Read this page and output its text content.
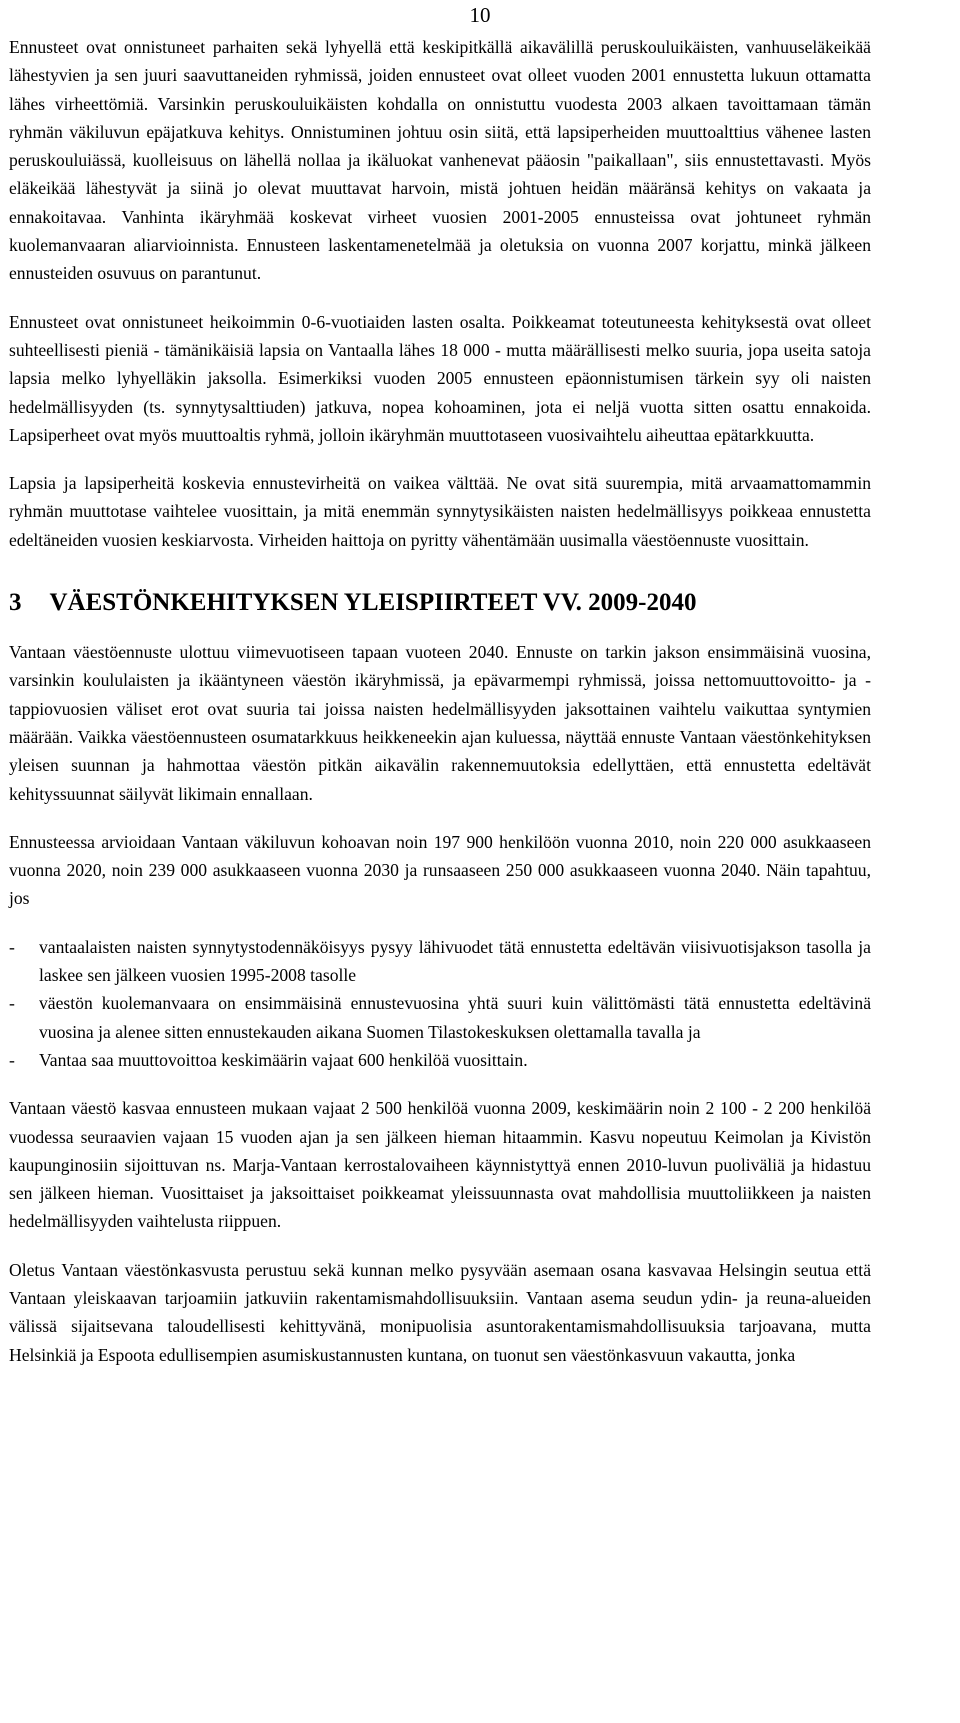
10

Ennusteet ovat onnistuneet parhaiten sekä lyhyellä että keskipitkällä aikavälillä peruskouluikäisten, vanhuuseläkeikää lähestyvien ja sen juuri saavuttaneiden ryhmissä, joiden ennusteet ovat olleet vuoden 2001 ennustetta lukuun ottamatta lähes virheettömiä. Varsinkin peruskouluikäisten kohdalla on onnistuttu vuodesta 2003 alkaen tavoittamaan tämän ryhmän väkiluvun epäjatkuva kehitys. Onnistuminen johtuu osin siitä, että lapsiperheiden muuttoalttius vähenee lasten peruskouluiässä, kuolleisuus on lähellä nollaa ja ikäluokat vanhenevat pääosin "paikallaan", siis ennustettavasti. Myös eläkeikää lähestyvät ja siinä jo olevat muuttavat harvoin, mistä johtuen heidän määränsä kehitys on vakaata ja ennakoitavaa. Vanhinta ikäryhmää koskevat virheet vuosien 2001-2005 ennusteissa ovat johtuneet ryhmän kuolemanvaaran aliarvioinnista. Ennusteen laskentamenetelmää ja oletuksia on vuonna 2007 korjattu, minkä jälkeen ennusteiden osuvuus on parantunut.

Ennusteet ovat onnistuneet heikoimmin 0-6-vuotiaiden lasten osalta. Poikkeamat toteutuneesta kehityksestä ovat olleet suhteellisesti pieniä - tämänikäisiä lapsia on Vantaalla lähes 18 000 - mutta määrällisesti melko suuria, jopa useita satoja lapsia melko lyhyelläkin jaksolla. Esimerkiksi vuoden 2005 ennusteen epäonnistumisen tärkein syy oli naisten hedelmällisyyden (ts. synnytysalttiuden) jatkuva, nopea kohoaminen, jota ei neljä vuotta sitten osattu ennakoida. Lapsiperheet ovat myös muuttoaltis ryhmä, jolloin ikäryhmän muuttotaseen vuosivaihtelu aiheuttaa epätarkkuutta.

Lapsia ja lapsiperheitä koskevia ennustevirheitä on vaikea välttää. Ne ovat sitä suurempia, mitä arvaamattomammin ryhmän muuttotase vaihtelee vuosittain, ja mitä enemmän synnytysikäisten naisten hedelmällisyys poikkeaa ennustetta edeltäneiden vuosien keskiarvosta. Virheiden haittoja on pyritty vähentämään uusimalla väestöennuste vuosittain.

3 VÄESTÖNKEHITYKSEN YLEISPIIRTEET VV. 2009-2040

Vantaan väestöennuste ulottuu viimevuotiseen tapaan vuoteen 2040. Ennuste on tarkin jakson ensimmäisinä vuosina, varsinkin koululaisten ja ikääntyneen väestön ikäryhmissä, ja epävarmempi ryhmissä, joissa nettomuuttovoitto- ja -tappiovuosien väliset erot ovat suuria tai joissa naisten hedelmällisyyden jaksottainen vaihtelu vaikuttaa syntymien määrään. Vaikka väestöennusteen osumatarkkuus heikkeneekin ajan kuluessa, näyttää ennuste Vantaan väestönkehityksen yleisen suunnan ja hahmottaa väestön pitkän aikavälin rakennemuutoksia edellyttäen, että ennustetta edeltävät kehityssuunnat säilyvät likimain ennallaan.

Ennusteessa arvioidaan Vantaan väkiluvun kohoavan noin 197 900 henkilöön vuonna 2010, noin 220 000 asukkaaseen vuonna 2020, noin 239 000 asukkaaseen vuonna 2030 ja runsaaseen 250 000 asukkaaseen vuonna 2040. Näin tapahtuu, jos

- vantaalaisten naisten synnytystodennäköisyys pysyy lähivuodet tätä ennustetta edeltävän viisivuotisjakson tasolla ja laskee sen jälkeen vuosien 1995-2008 tasolle
- väestön kuolemanvaara on ensimmäisinä ennustevuosina yhtä suuri kuin välittömästi tätä ennustetta edeltävinä vuosina ja alenee sitten ennustekauden aikana Suomen Tilastokeskuksen olettamalla tavalla ja
- Vantaa saa muuttovoittoa keskimäärin vajaat 600 henkilöä vuosittain.

Vantaan väestö kasvaa ennusteen mukaan vajaat 2 500 henkilöä vuonna 2009, keskimäärin noin 2 100 - 2 200 henkilöä vuodessa seuraavien vajaan 15 vuoden ajan ja sen jälkeen hieman hitaammin. Kasvu nopeutuu Keimolan ja Kivistön kaupunginosiin sijoittuvan ns. Marja-Vantaan kerrostalovaiheen käynnistyttyä ennen 2010-luvun puoliväliä ja hidastuu sen jälkeen hieman. Vuosittaiset ja jaksoittaiset poikkeamat yleissuunnasta ovat mahdollisia muuttoliikkeen ja naisten hedelmällisyyden vaihtelusta riippuen.

Oletus Vantaan väestönkasvusta perustuu sekä kunnan melko pysyvään asemaan osana kasvavaa Helsingin seutua että Vantaan yleiskaavan tarjoamiin jatkuviin rakentamismahdollisuuksiin. Vantaan asema seudun ydin- ja reuna-alueiden välissä sijaitsevana taloudellisesti kehittyvänä, monipuolisia asuntorakentamismahdollisuuksia tarjoavana, mutta Helsinkiä ja Espoota edullisempien asumiskustannusten kuntana, on tuonut sen väestönkasvuun vakautta, jonka
